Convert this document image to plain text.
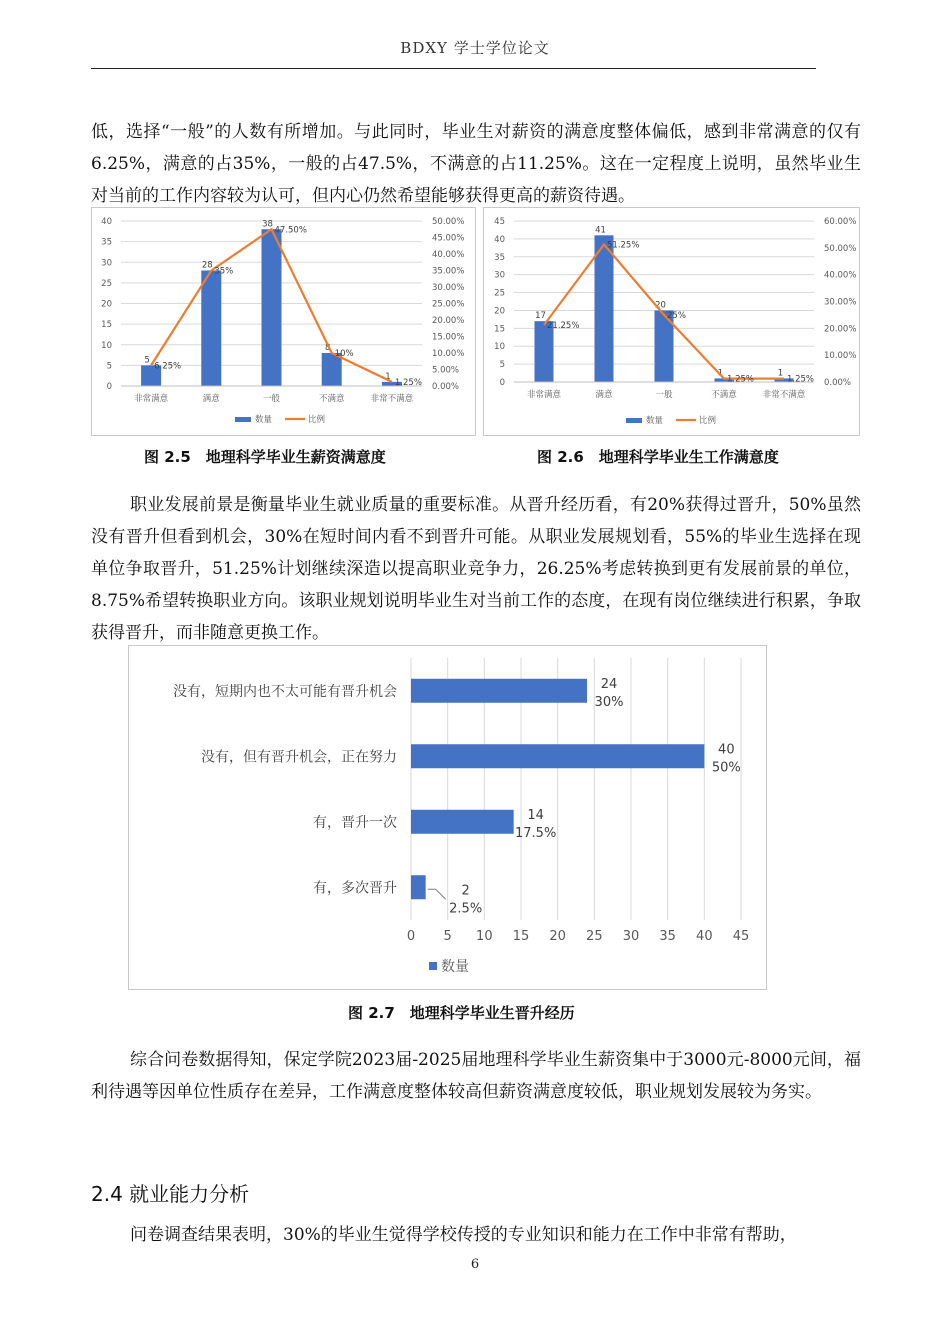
BDXY 学士学位论文

低，选择“一般”的人数有所增加。与此同时，毕业生对薪资的满意度整体偏低，感到非常满意的仅有6.25%，满意的占35%，一般的占47.5%，不满意的占11.25%。这在一定程度上说明，虽然毕业生对当前的工作内容较为认可，但内心仍然希望能够获得更高的薪资待遇。

0
5
10
15
20
25
30
35
40
0.00%
5.00%
10.00%
15.00%
20.00%
25.00%
30.00%
35.00%
40.00%
45.00%
50.00%
5
28
38
8
1
6.25%
35%
47.50%
10%
1.25%
非常满意	满意	一般	不满意	非常不满意
数量	比例
0
5
10
15
20
25
30
35
40
45
0.00%
10.00%
20.00%
30.00%
40.00%
50.00%
60.00%
17
41
20
1	1
21.25%
51.25%
25%
1.25%	1.25%
非常满意	满意	一般	不满意	非常不满意
数量	比例
图 2.5　地理科学毕业生薪资满意度	图 2.6　地理科学毕业生工作满意度

职业发展前景是衡量毕业生就业质量的重要标准。从晋升经历看，有20%获得过晋升，50%虽然没有晋升但看到机会，30%在短时间内看不到晋升可能。从职业发展规划看，55%的毕业生选择在现单位争取晋升，51.25%计划继续深造以提高职业竞争力，26.25%考虑转换到更有发展前景的单位，8.75%希望转换职业方向。该职业规划说明毕业生对当前工作的态度，在现有岗位继续进行积累，争取获得晋升，而非随意更换工作。

0 5 10 15 20 25 30 35 40 45
没有，短期内也不太可能有晋升机会	24
30%
没有，但有晋升机会，正在努力	40
50%
有，晋升一次	14
17.5%
有，多次晋升	2
2.5%
数量
图 2.7　地理科学毕业生晋升经历

综合问卷数据得知，保定学院2023届-2025届地理科学毕业生薪资集中于3000元-8000元间，福利待遇等因单位性质存在差异，工作满意度整体较高但薪资满意度较低，职业规划发展较为务实。

2.4 就业能力分析

问卷调查结果表明，30%的毕业生觉得学校传授的专业知识和能力在工作中非常有帮助，

6
